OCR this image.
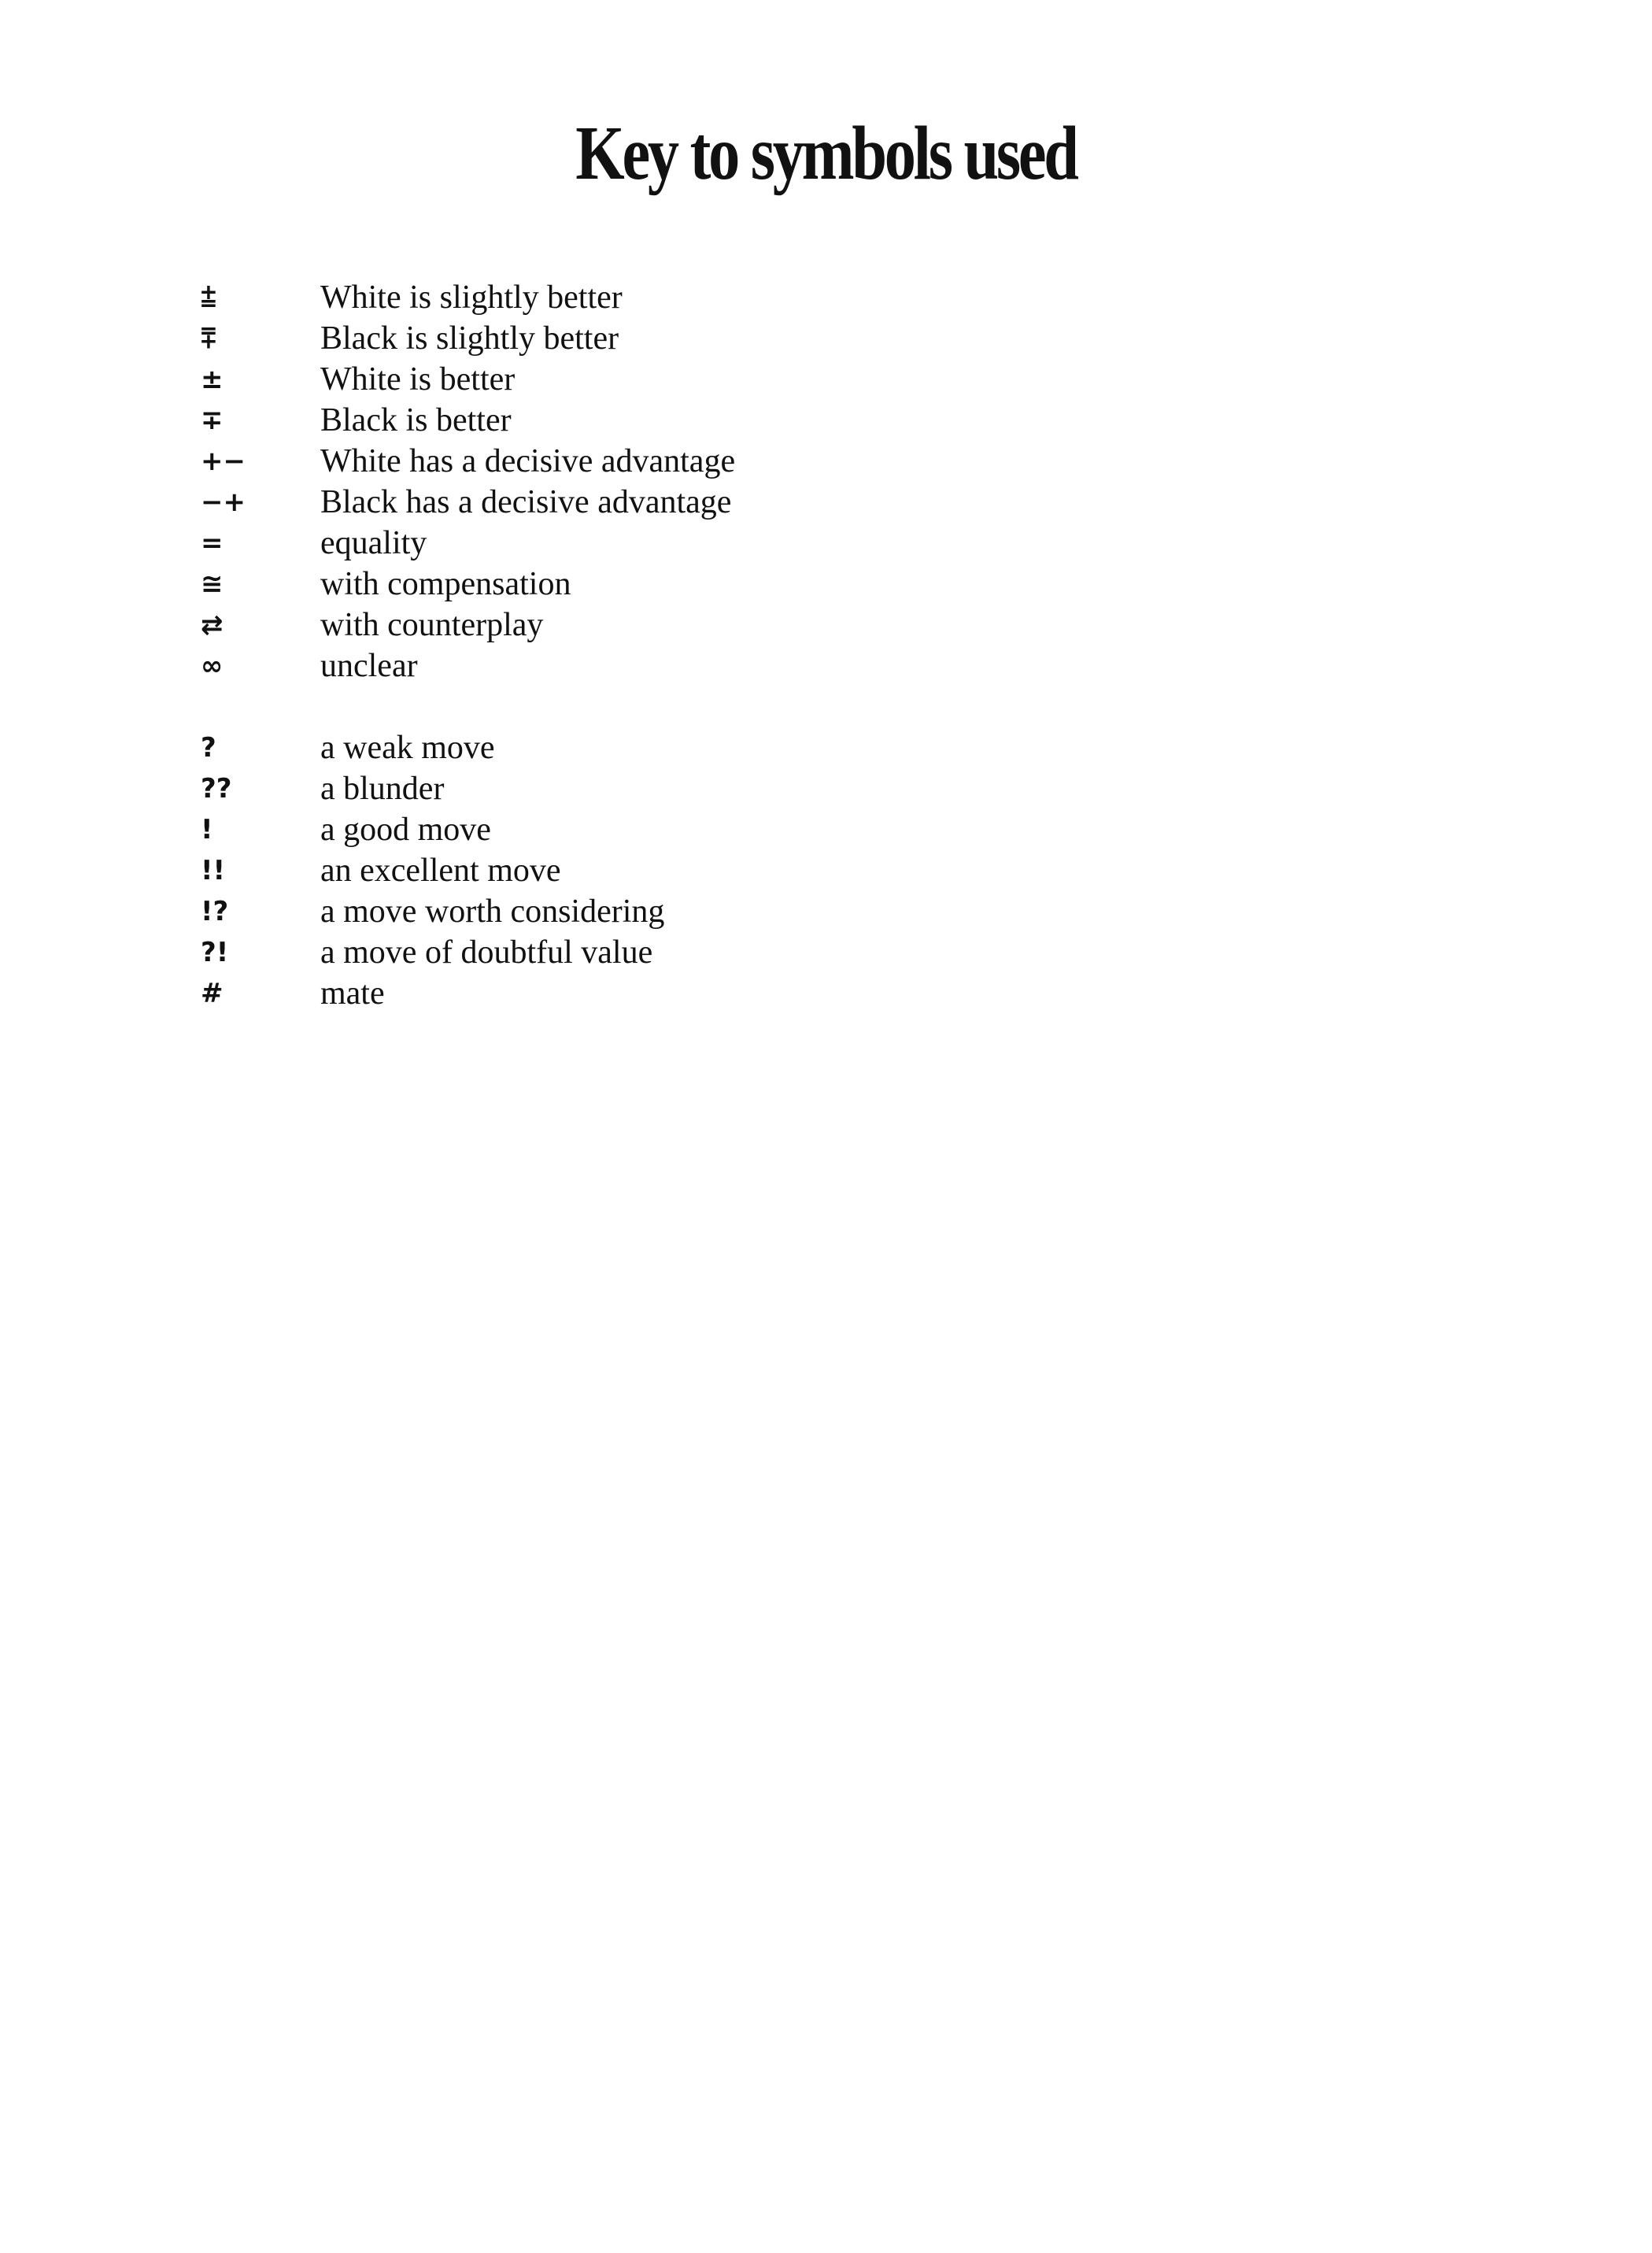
Key to symbols used
⩲	White is slightly better
⩱	Black is slightly better
±	White is better
∓	Black is better
+−	White has a decisive advantage
−+	Black has a decisive advantage
=	equality
≅	with compensation
⇄	with counterplay
∞	unclear
?	a weak move
??	a blunder
!	a good move
!!	an excellent move
!?	a move worth considering
?!	a move of doubtful value
#	mate
